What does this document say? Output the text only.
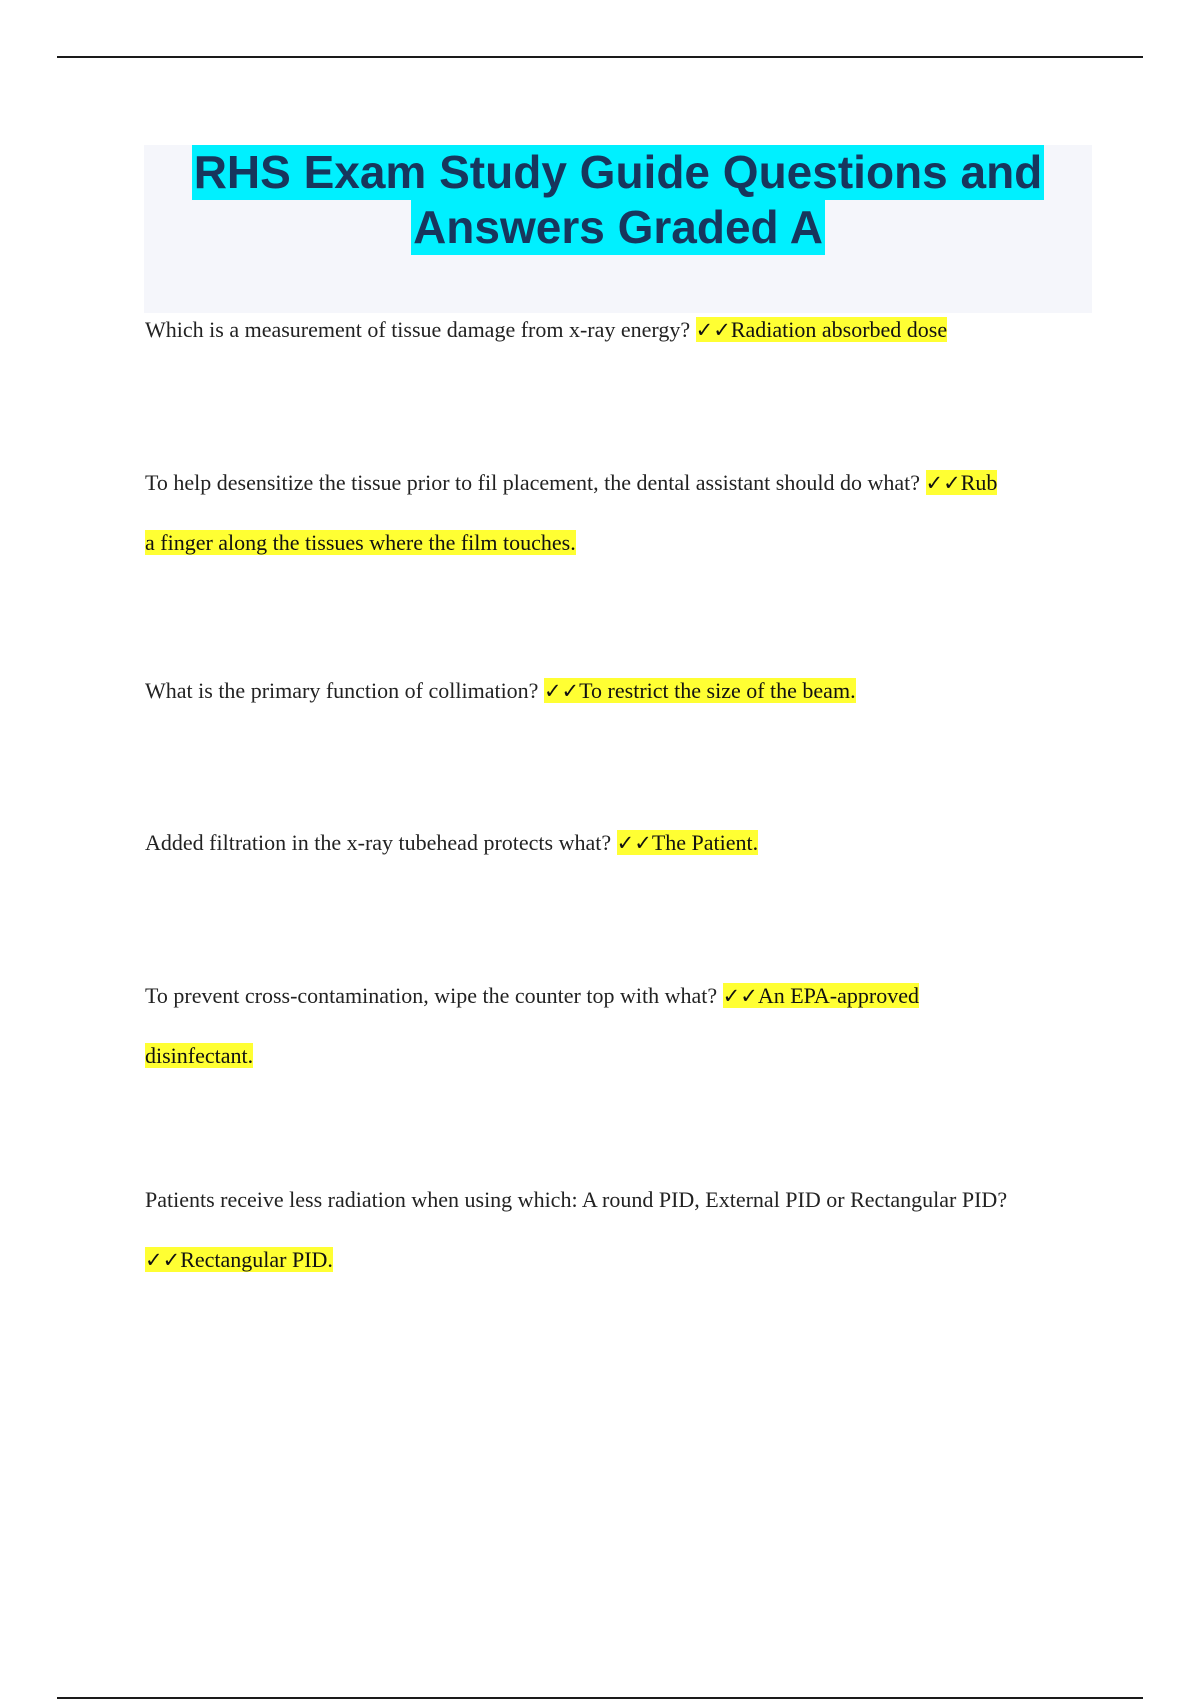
RHS Exam Study Guide Questions and
Answers Graded A
Which is a measurement of tissue damage from x-ray energy? ✓✓Radiation absorbed dose
To help desensitize the tissue prior to fil placement, the dental assistant should do what? ✓✓Rub
a finger along the tissues where the film touches.
What is the primary function of collimation? ✓✓To restrict the size of the beam.
Added filtration in the x-ray tubehead protects what? ✓✓The Patient.
To prevent cross-contamination, wipe the counter top with what? ✓✓An EPA-approved
disinfectant.
Patients receive less radiation when using which: A round PID, External PID or Rectangular PID? ✓✓Rectangular PID.
